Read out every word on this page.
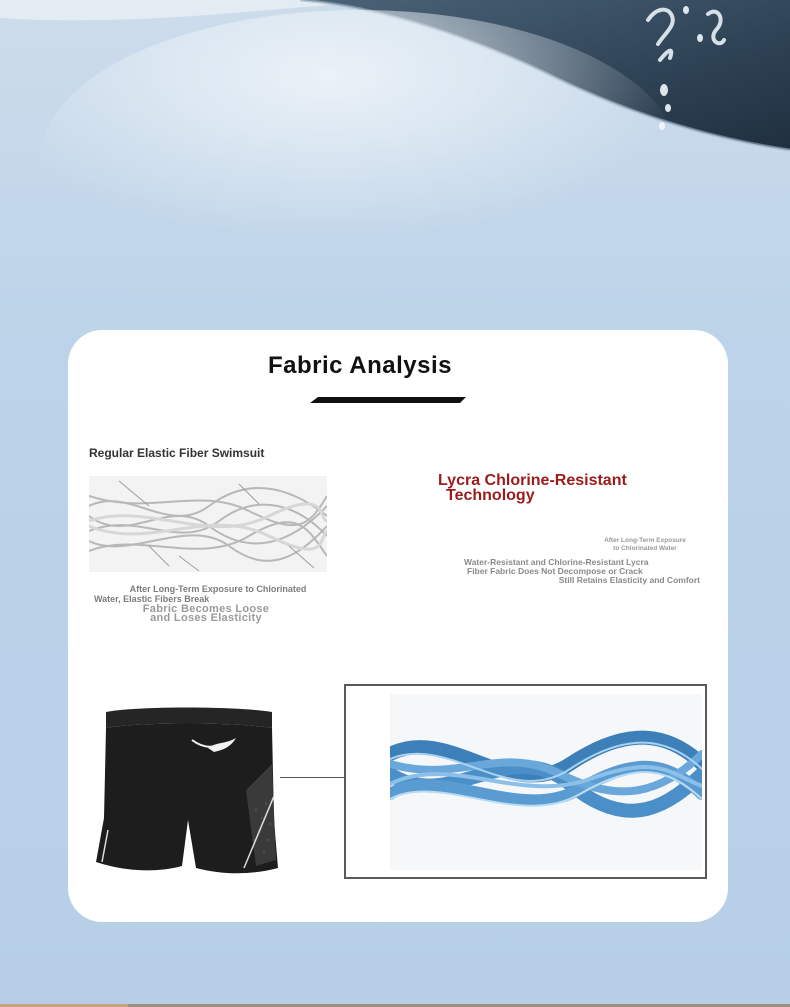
Fabric Analysis
Regular Elastic Fiber Swimsuit
After Long-Term Exposure to Chlorinated
Water, Elastic Fibers Break
Fabric Becomes Loose
and Loses Elasticity
Lycra Chlorine-Resistant
Technology
After Long-Term Exposure
to Chlorinated Water
Water-Resistant and Chlorine-Resistant Lycra
Fiber Fabric Does Not Decompose or Crack
Still Retains Elasticity and Comfort
